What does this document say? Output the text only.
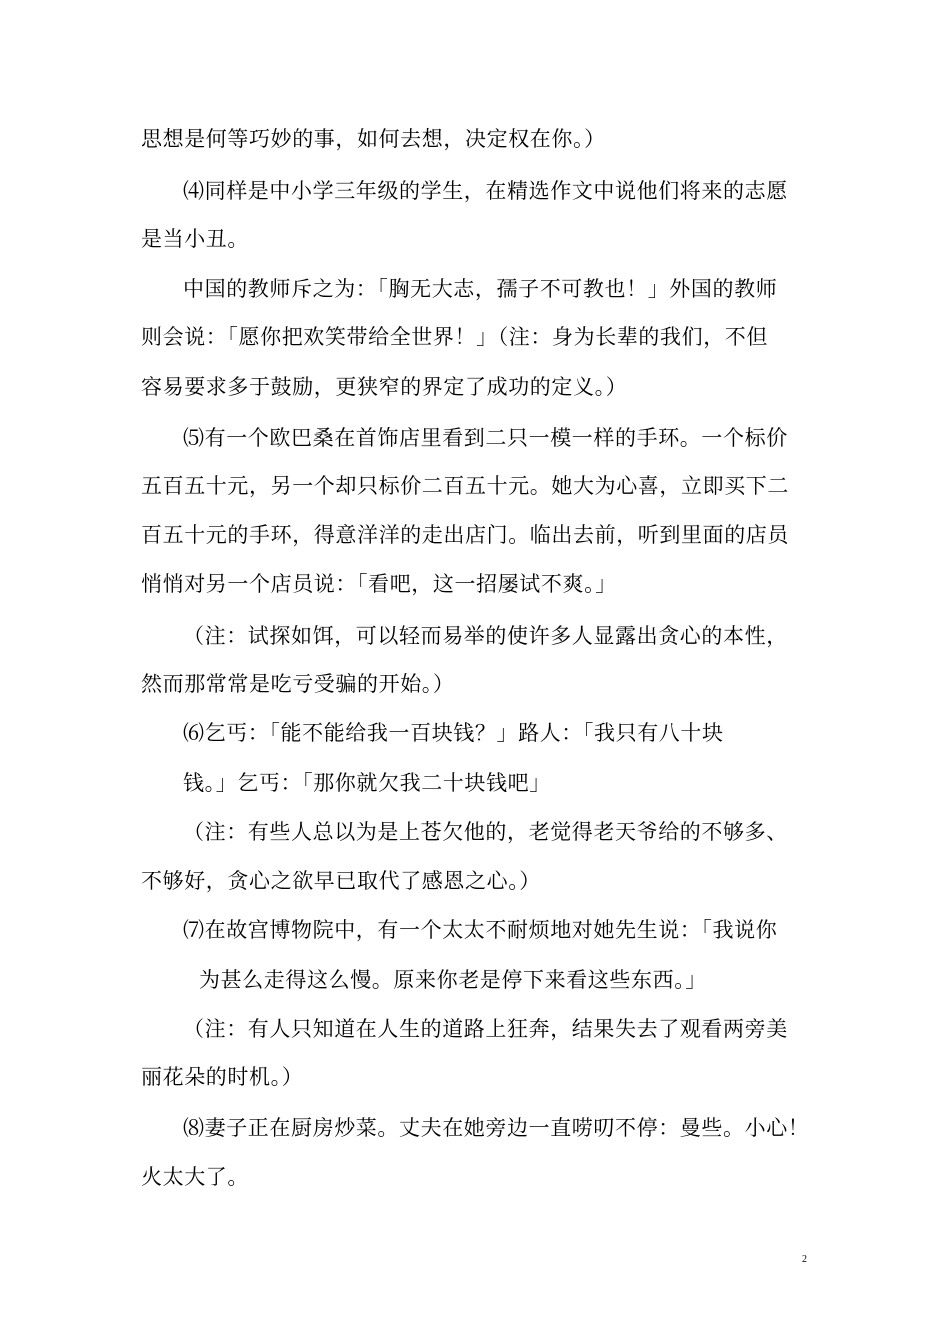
思想是何等巧妙的事，如何去想，决定权在你。）
⑷同样是中小学三年级的学生，在精选作文中说他们将来的志愿
是当小丑。
中国的教师斥之为：「胸无大志，孺子不可教也！」外国的教师
则会说：「愿你把欢笑带给全世界！」（注：身为长辈的我们，不但
容易要求多于鼓励，更狭窄的界定了成功的定义。）
⑸有一个欧巴桑在首饰店里看到二只一模一样的手环。一个标价
五百五十元，另一个却只标价二百五十元。她大为心喜，立即买下二
百五十元的手环，得意洋洋的走出店门。临出去前，听到里面的店员
悄悄对另一个店员说：「看吧，这一招屡试不爽。」
（注：试探如饵，可以轻而易举的使许多人显露出贪心的本性，
然而那常常是吃亏受骗的开始。）
⑹乞丐：「能不能给我一百块钱？」路人：「我只有八十块
钱。」乞丐：「那你就欠我二十块钱吧」
（注：有些人总以为是上苍欠他的，老觉得老天爷给的不够多、
不够好，贪心之欲早已取代了感恩之心。）
⑺在故宫博物院中，有一个太太不耐烦地对她先生说：「我说你
为甚么走得这么慢。原来你老是停下来看这些东西。」
（注：有人只知道在人生的道路上狂奔，结果失去了观看两旁美
丽花朵的时机。）
⑻妻子正在厨房炒菜。丈夫在她旁边一直唠叨不停：曼些。小心！
火太大了。
2
